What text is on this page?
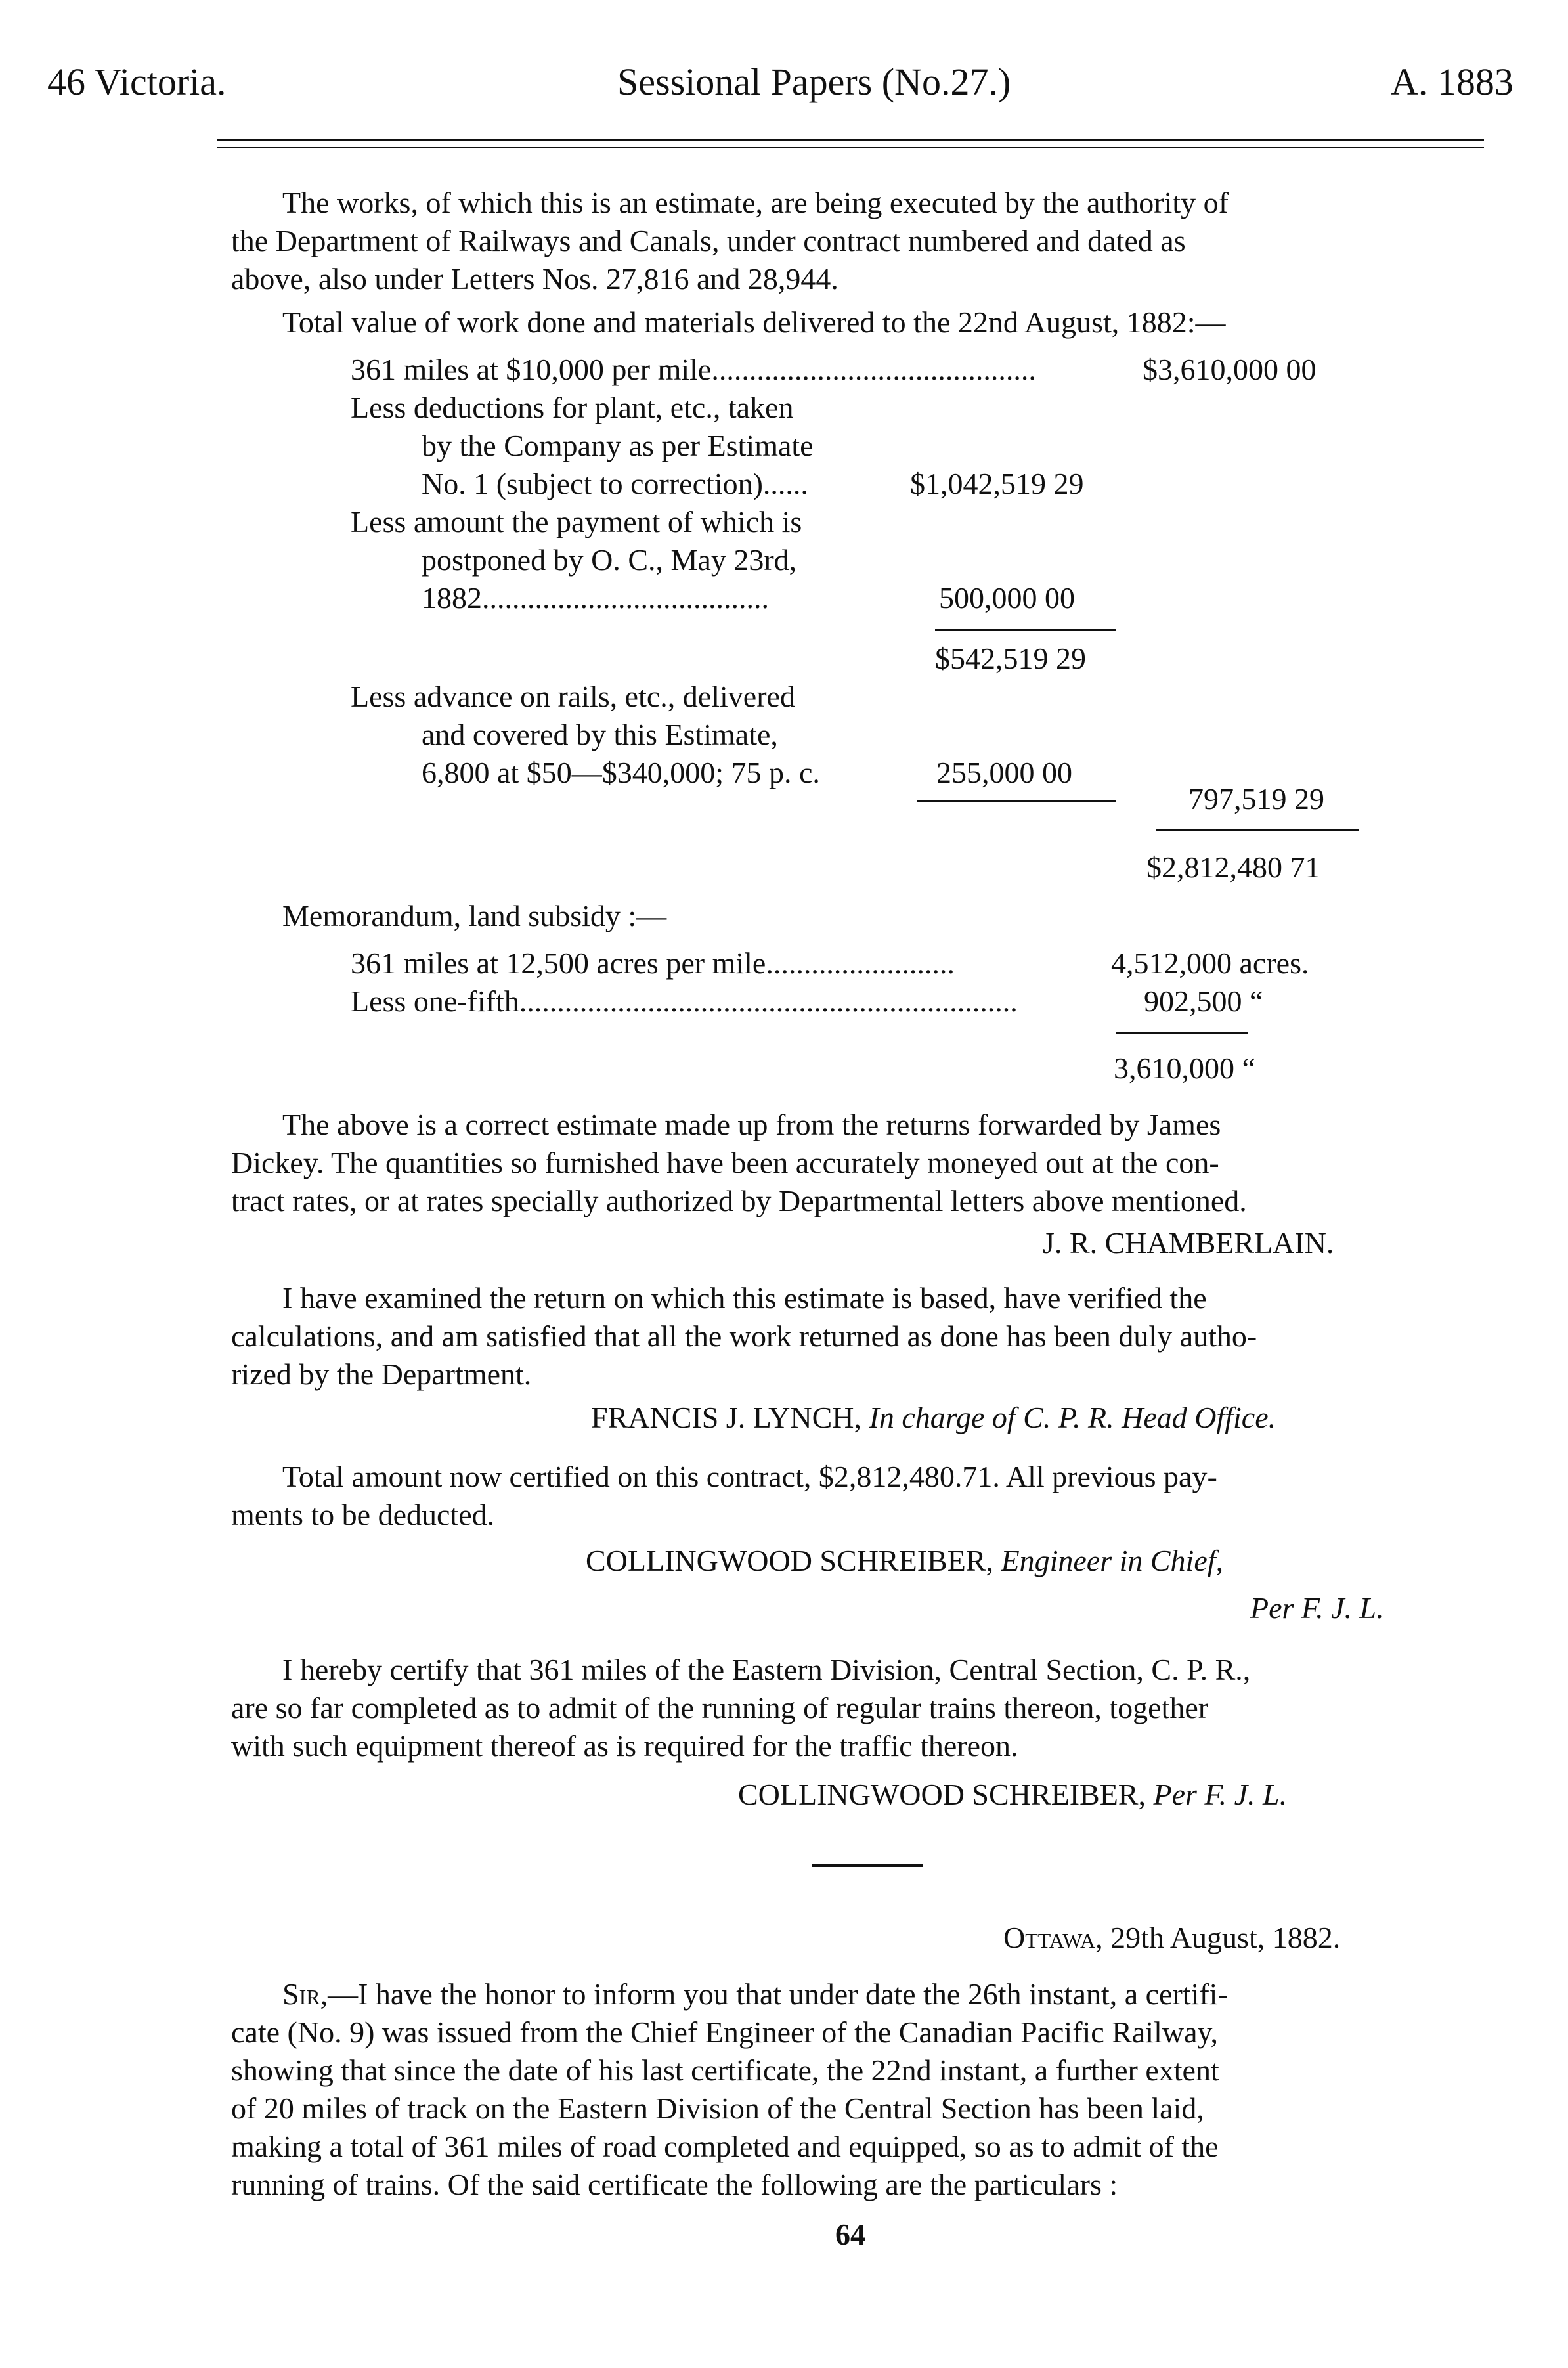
46 Victoria.	Sessional Papers (No.27.)	A. 1883
The works, of which this is an estimate, are being executed by the authority of
the Department of Railways and Canals, under contract numbered and dated as
above, also under Letters Nos. 27,816 and 28,944.
Total value of work done and materials delivered to the 22nd August, 1882:—
361 miles at $10,000 per mile...........................................	$3,610,000 00
Less deductions for plant, etc., taken
by the Company as per Estimate
No. 1 (subject to correction)......	$1,042,519 29
Less amount the payment of which is
postponed by O. C., May 23rd,
1882......................................	500,000 00
$542,519 29
Less advance on rails, etc., delivered
and covered by this Estimate,
6,800 at $50—$340,000; 75 p. c.	255,000 00
797,519 29
$2,812,480 71
Memorandum, land subsidy :—
361 miles at 12,500 acres per mile.........................	4,512,000 acres.
Less one-fifth..................................................................	902,500 “
3,610,000 “
The above is a correct estimate made up from the returns forwarded by James
Dickey. The quantities so furnished have been accurately moneyed out at the con-
tract rates, or at rates specially authorized by Departmental letters above mentioned.
J. R. CHAMBERLAIN.
I have examined the return on which this estimate is based, have verified the
calculations, and am satisfied that all the work returned as done has been duly autho-
rized by the Department.
FRANCIS J. LYNCH, In charge of C. P. R. Head Office.
Total amount now certified on this contract, $2,812,480.71. All previous pay-
ments to be deducted.
COLLINGWOOD SCHREIBER, Engineer in Chief,
Per F. J. L.
I hereby certify that 361 miles of the Eastern Division, Central Section, C. P. R.,
are so far completed as to admit of the running of regular trains thereon, together
with such equipment thereof as is required for the traffic thereon.
COLLINGWOOD SCHREIBER, Per F. J. L.
Ottawa, 29th August, 1882.
Sir,—I have the honor to inform you that under date the 26th instant, a certifi-
cate (No. 9) was issued from the Chief Engineer of the Canadian Pacific Railway,
showing that since the date of his last certificate, the 22nd instant, a further extent
of 20 miles of track on the Eastern Division of the Central Section has been laid,
making a total of 361 miles of road completed and equipped, so as to admit of the
running of trains. Of the said certificate the following are the particulars :
64
